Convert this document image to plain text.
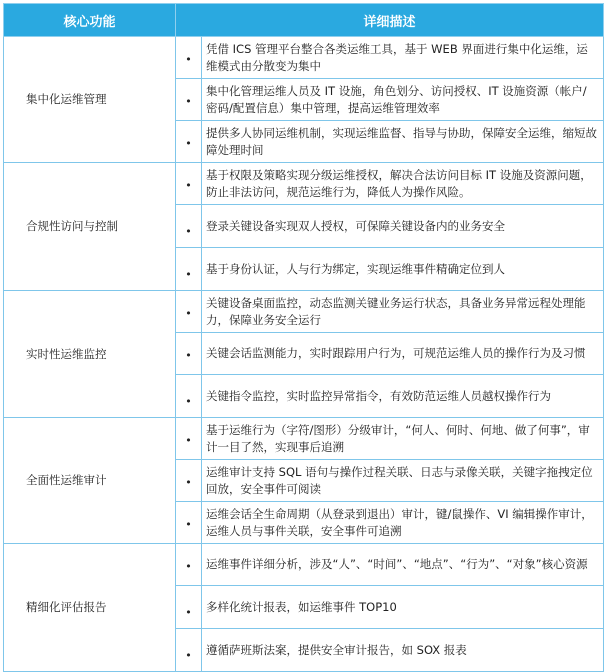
核心功能	详细描述	
集中化运维管理	•	凭借 ICS 管理平台整合各类运维工具，基于 WEB 界面进行集中化运维，运维模式由分散变为集中

	•	集中化管理运维人员及 IT 设施，角色划分、访问授权、IT 设施资源（帐户/密码/配置信息）集中管理，提高运维管理效率

	•	提供多人协同运维机制，实现运维监督、指导与协助，保障安全运维，缩短故障处理时间
合规性访问与控制	•	基于权限及策略实现分级运维授权，解决合法访问目标 IT 设施及资源问题，防止非法访问，规范运维行为，降低人为操作风险。

	•	登录关键设备实现双人授权，可保障关键设备内的业务安全

	•	基于身份认证，人与行为绑定，实现运维事件精确定位到人
实时性运维监控	•	关键设备桌面监控，动态监测关键业务运行状态，具备业务异常远程处理能力，保障业务安全运行

	•	关键会话监测能力，实时跟踪用户行为，可规范运维人员的操作行为及习惯

	•	关键指令监控，实时监控异常指令，有效防范运维人员越权操作行为
全面性运维审计	•	基于运维行为（字符/图形）分级审计，“何人、何时、何地、做了何事”，审计一目了然，实现事后追溯

	•	运维审计支持 SQL 语句与操作过程关联、日志与录像关联，关键字拖拽定位回放，安全事件可阅读

	•	运维会话全生命周期（从登录到退出）审计，键/鼠操作、VI 编辑操作审计，运维人员与事件关联，安全事件可追溯
精细化评估报告	•	运维事件详细分析，涉及“人”、“时间”、“地点”、“行为”、“对象”核心资源

	•	多样化统计报表，如运维事件 TOP10

	•	遵循萨班斯法案，提供安全审计报告，如 SOX 报表
